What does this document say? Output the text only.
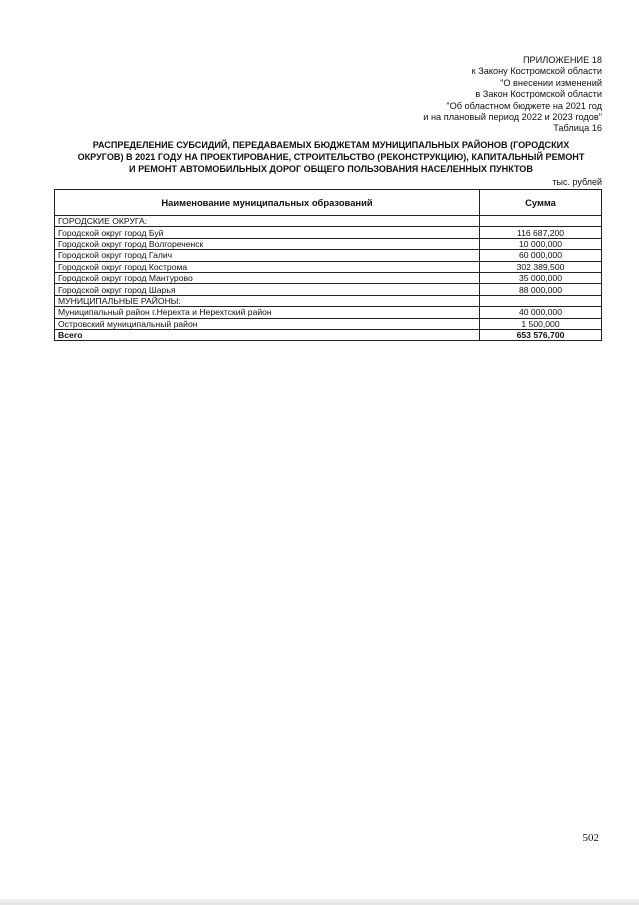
ПРИЛОЖЕНИЕ 18
к Закону Костромской области
"О внесении изменений
в Закон Костромской области
"Об областном бюджете на 2021 год
и на плановый период 2022 и 2023 годов"
Таблица 16
РАСПРЕДЕЛЕНИЕ СУБСИДИЙ, ПЕРЕДАВАЕМЫХ БЮДЖЕТАМ МУНИЦИПАЛЬНЫХ РАЙОНОВ (ГОРОДСКИХ
ОКРУГОВ) В 2021 ГОДУ НА ПРОЕКТИРОВАНИЕ, СТРОИТЕЛЬСТВО (РЕКОНСТРУКЦИЮ), КАПИТАЛЬНЫЙ РЕМОНТ
И РЕМОНТ АВТОМОБИЛЬНЫХ ДОРОГ ОБЩЕГО ПОЛЬЗОВАНИЯ НАСЕЛЕННЫХ ПУНКТОВ
тыс. рублей
Наименование муниципальных образований	Сумма
ГОРОДСКИЕ ОКРУГА:	
Городской округ город Буй	116 687,200
Городской округ город Волгореченск	10 000,000
Городской округ город Галич	60 000,000
Городской округ город Кострома	302 389,500
Городской округ город Мантурово	35 000,000
Городской округ город Шарья	88 000,000
МУНИЦИПАЛЬНЫЕ РАЙОНЫ:	
Муниципальный район г.Нерехта и Нерехтский район	40 000,000
Островский муниципальный район	1 500,000
Всего	653 576,700
502
